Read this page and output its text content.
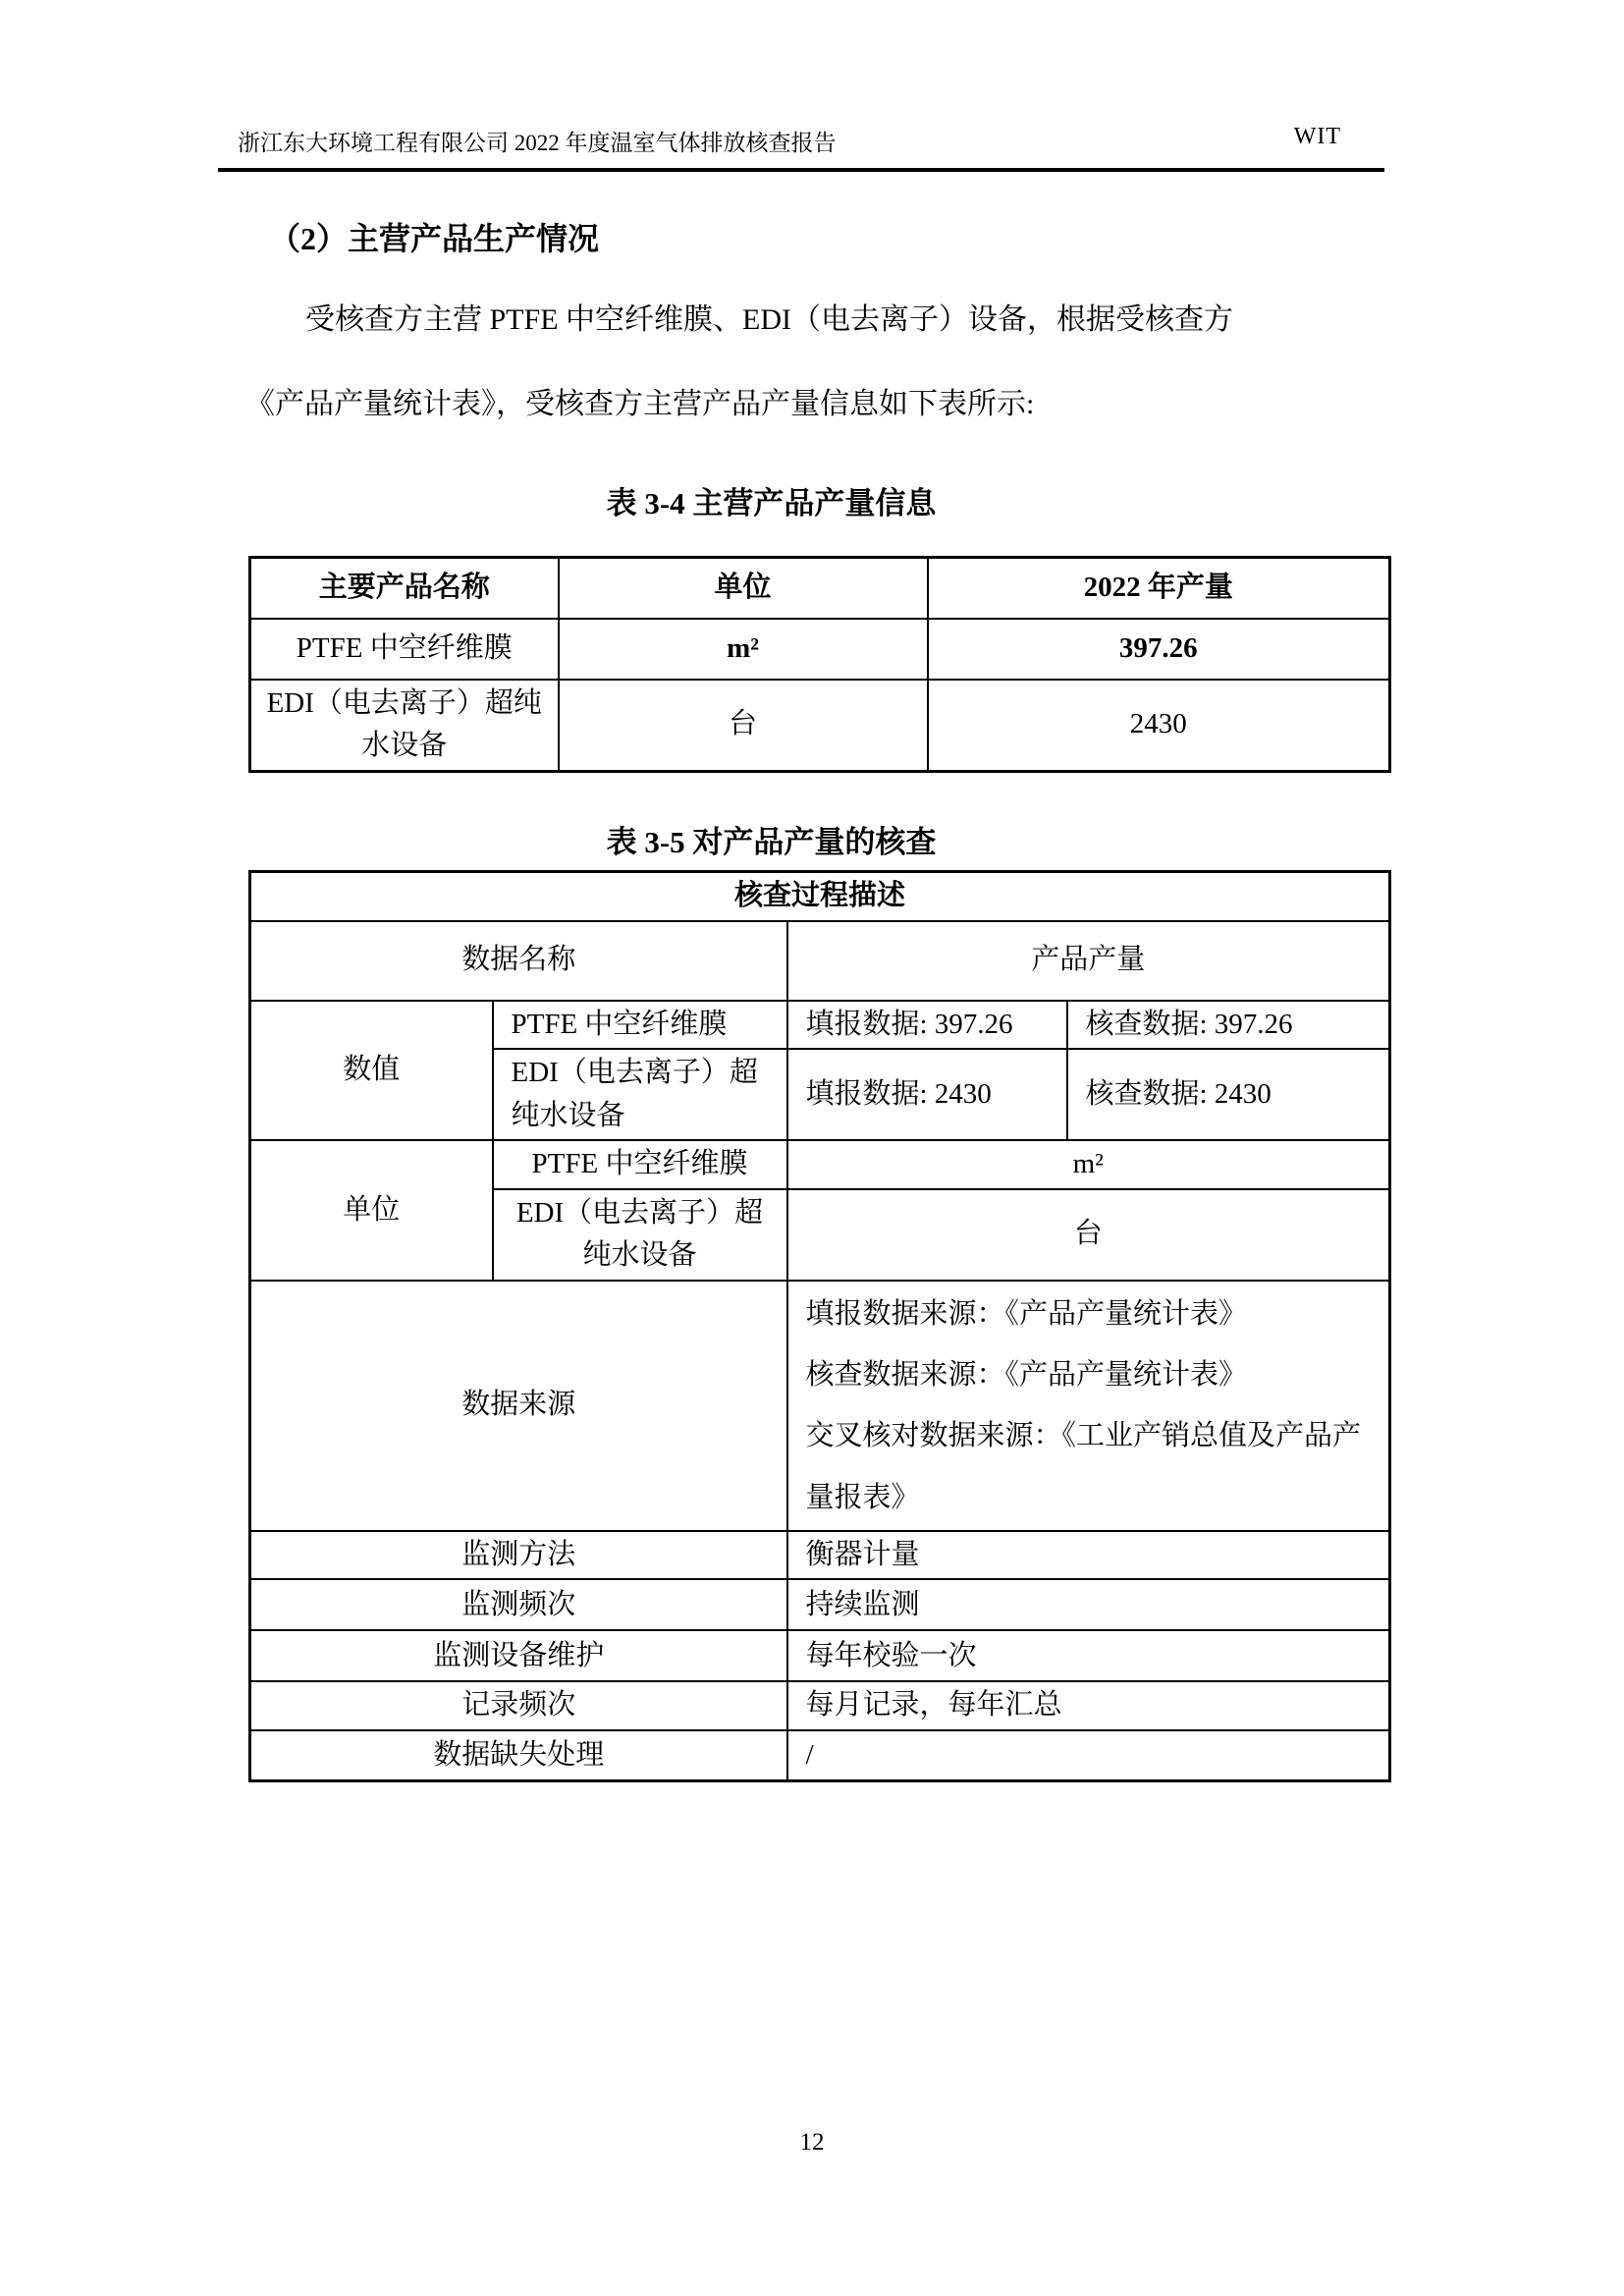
浙江东大环境工程有限公司 2022 年度温室气体排放核查报告	WIT
（2）主营产品生产情况
受核查方主营 PTFE 中空纤维膜、EDI（电去离子）设备，根据受核查方
《产品产量统计表》，受核查方主营产品产量信息如下表所示:
表 3-4 主营产品产量信息
主要产品名称	单位	2022 年产量
PTFE 中空纤维膜	m²	397.26
EDI（电去离子）超纯水设备	台	2430
表 3-5 对产品产量的核查
核查过程描述			
数据名称		产品产量	
数值	PTFE 中空纤维膜	填报数据: 397.26	核查数据: 397.26
	EDI（电去离子）超纯水设备	填报数据: 2430	核查数据: 2430
单位	PTFE 中空纤维膜	m²	
	EDI（电去离子）超纯水设备	台	
数据来源		填报数据来源：《产品产量统计表》
核查数据来源：《产品产量统计表》
交叉核对数据来源：《工业产销总值及产品产量报表》	

监测方法		衡器计量	
监测频次		持续监测	
监测设备维护		每年校验一次	
记录频次		每月记录，每年汇总	
数据缺失处理		/	
12
